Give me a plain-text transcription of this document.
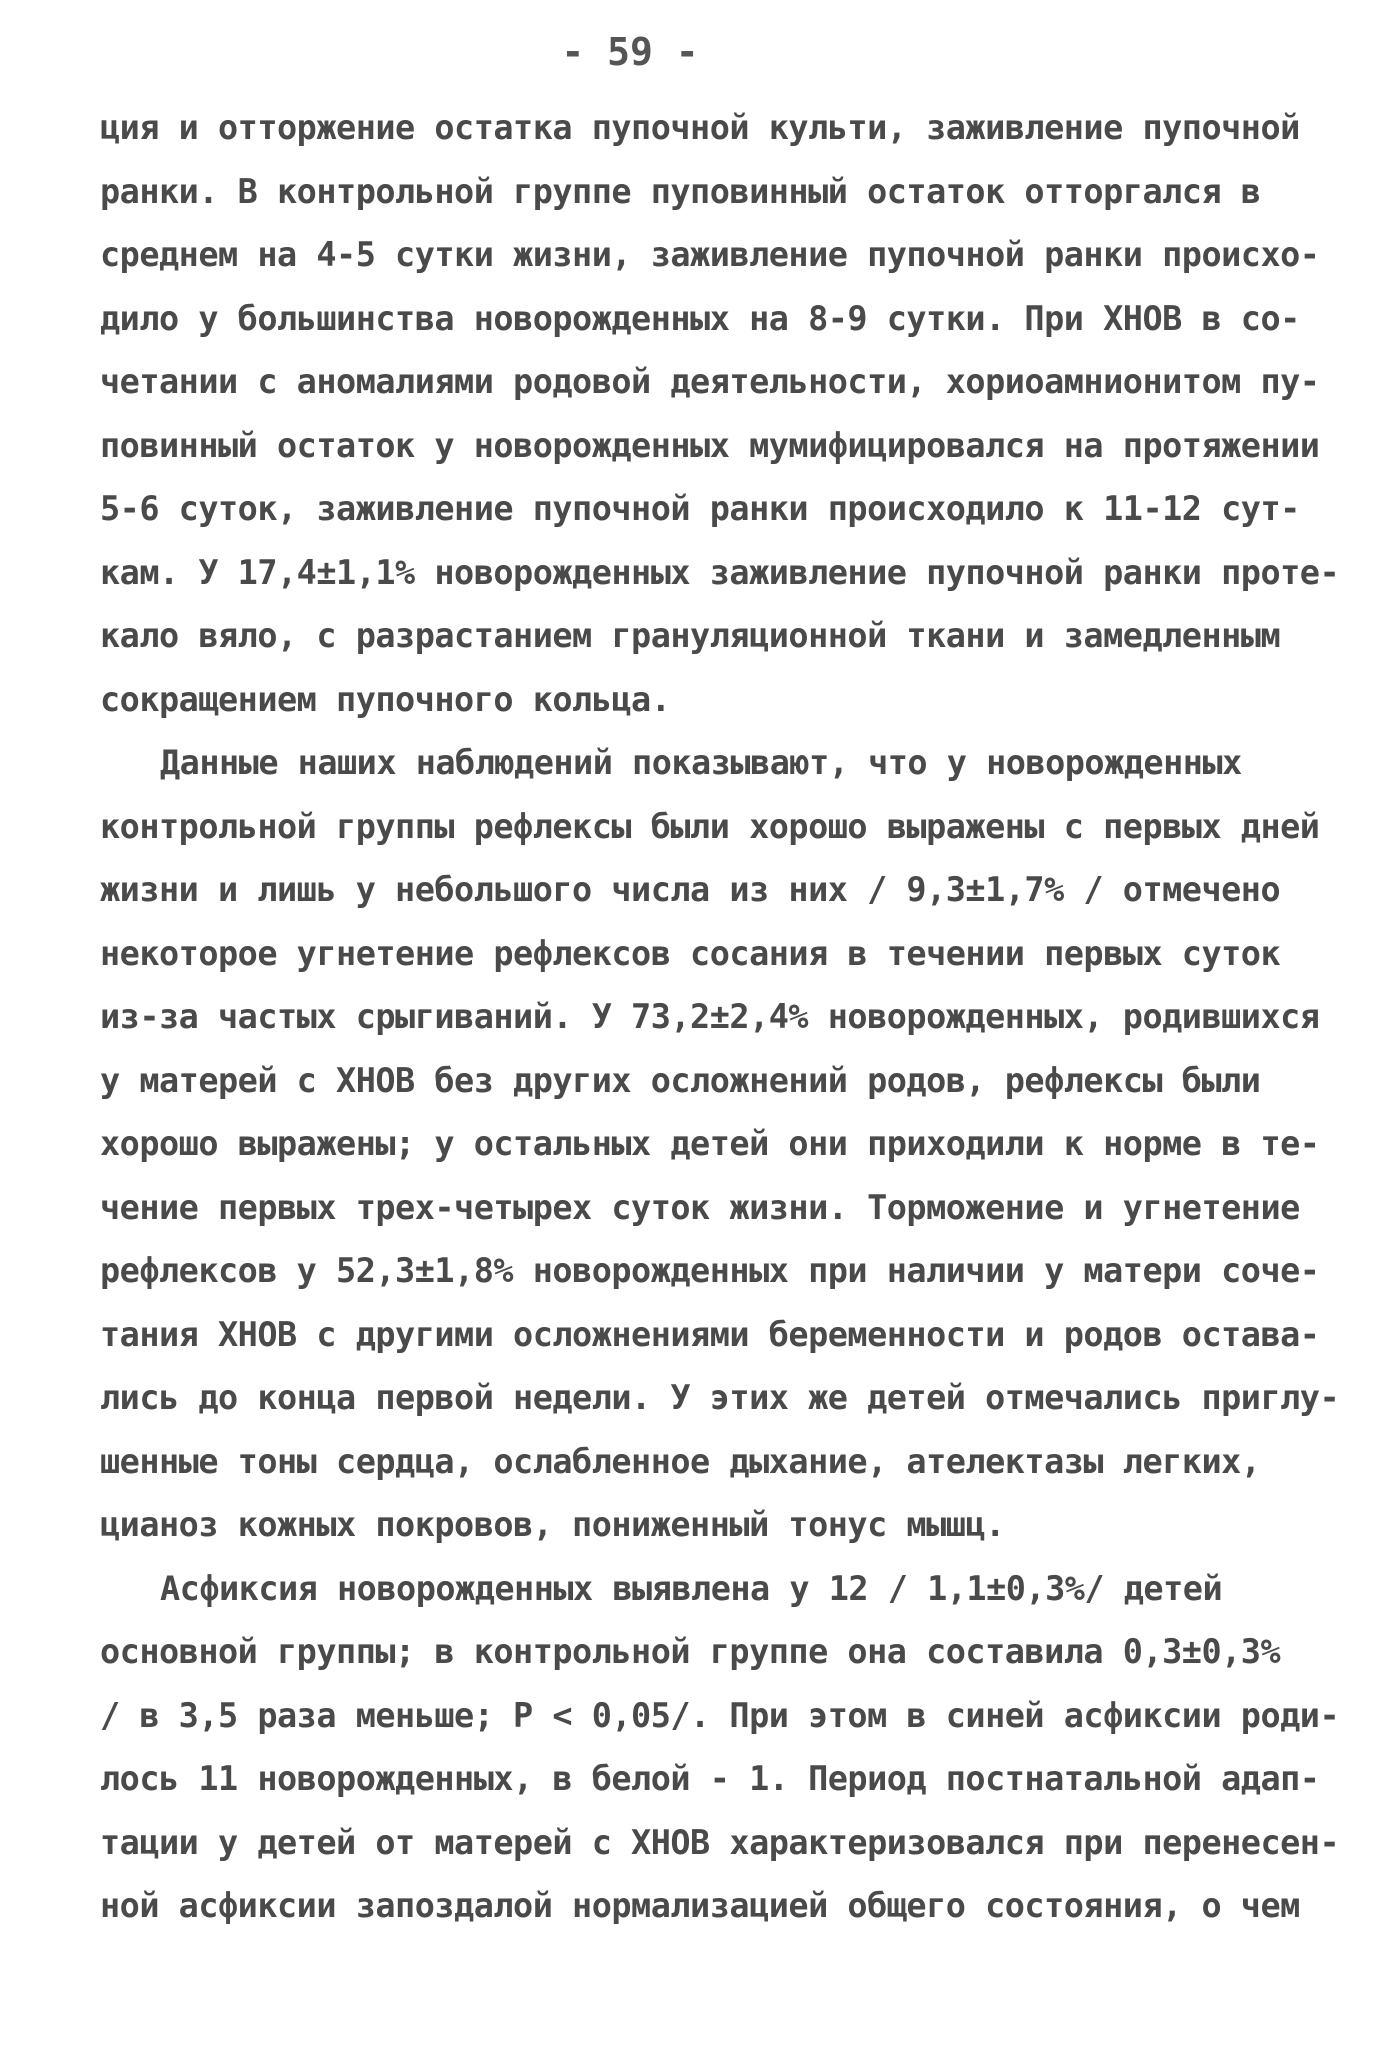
- 59 -
ция и отторжение остатка пупочной культи, заживление пупочной
ранки. В контрольной группе пуповинный остаток отторгался в
среднем на 4-5 сутки жизни, заживление пупочной ранки происхо-
дило у большинства новорожденных на 8-9 сутки. При ХНОВ в со-
четании с аномалиями родовой деятельности, хориоамнионитом пу-
повинный остаток у новорожденных мумифицировался на протяжении
5-6 суток, заживление пупочной ранки происходило к 11-12 сут-
кам. У 17,4±1,1% новорожденных заживление пупочной ранки проте-
кало вяло, с разрастанием грануляционной ткани и замедленным
сокращением пупочного кольца.
Данные наших наблюдений показывают, что у новорожденных
контрольной группы рефлексы были хорошо выражены с первых дней
жизни и лишь у небольшого числа из них / 9,3±1,7% / отмечено
некоторое угнетение рефлексов сосания в течении первых суток
из-за частых срыгиваний. У 73,2±2,4% новорожденных, родившихся
у матерей с ХНОВ без других осложнений родов, рефлексы были
хорошо выражены; у остальных детей они приходили к норме в те-
чение первых трех-четырех суток жизни. Торможение и угнетение
рефлексов у 52,3±1,8% новорожденных при наличии у матери сочe-
тания ХНОВ с другими осложнениями беременности и родов остава-
лись до конца первой недели. У этих же детей отмечались приглу-
шенные тоны сердца, ослабленное дыхание, ателектазы легких,
цианоз кожных покровов, пониженный тонус мышц.
Асфиксия новорожденных выявлена у 12 / 1,1±0,3%/ детей
основной группы; в контрольной группе она составила 0,3±0,3%
/ в 3,5 раза меньше; Р < 0,05/. При этом в синей асфиксии роди-
лось 11 новорожденных, в белой - 1. Период постнатальной адап-
тации у детей от матерей с ХНОВ характеризовался при перенесен-
ной асфиксии запоздалой нормализацией общего состояния, о чем
